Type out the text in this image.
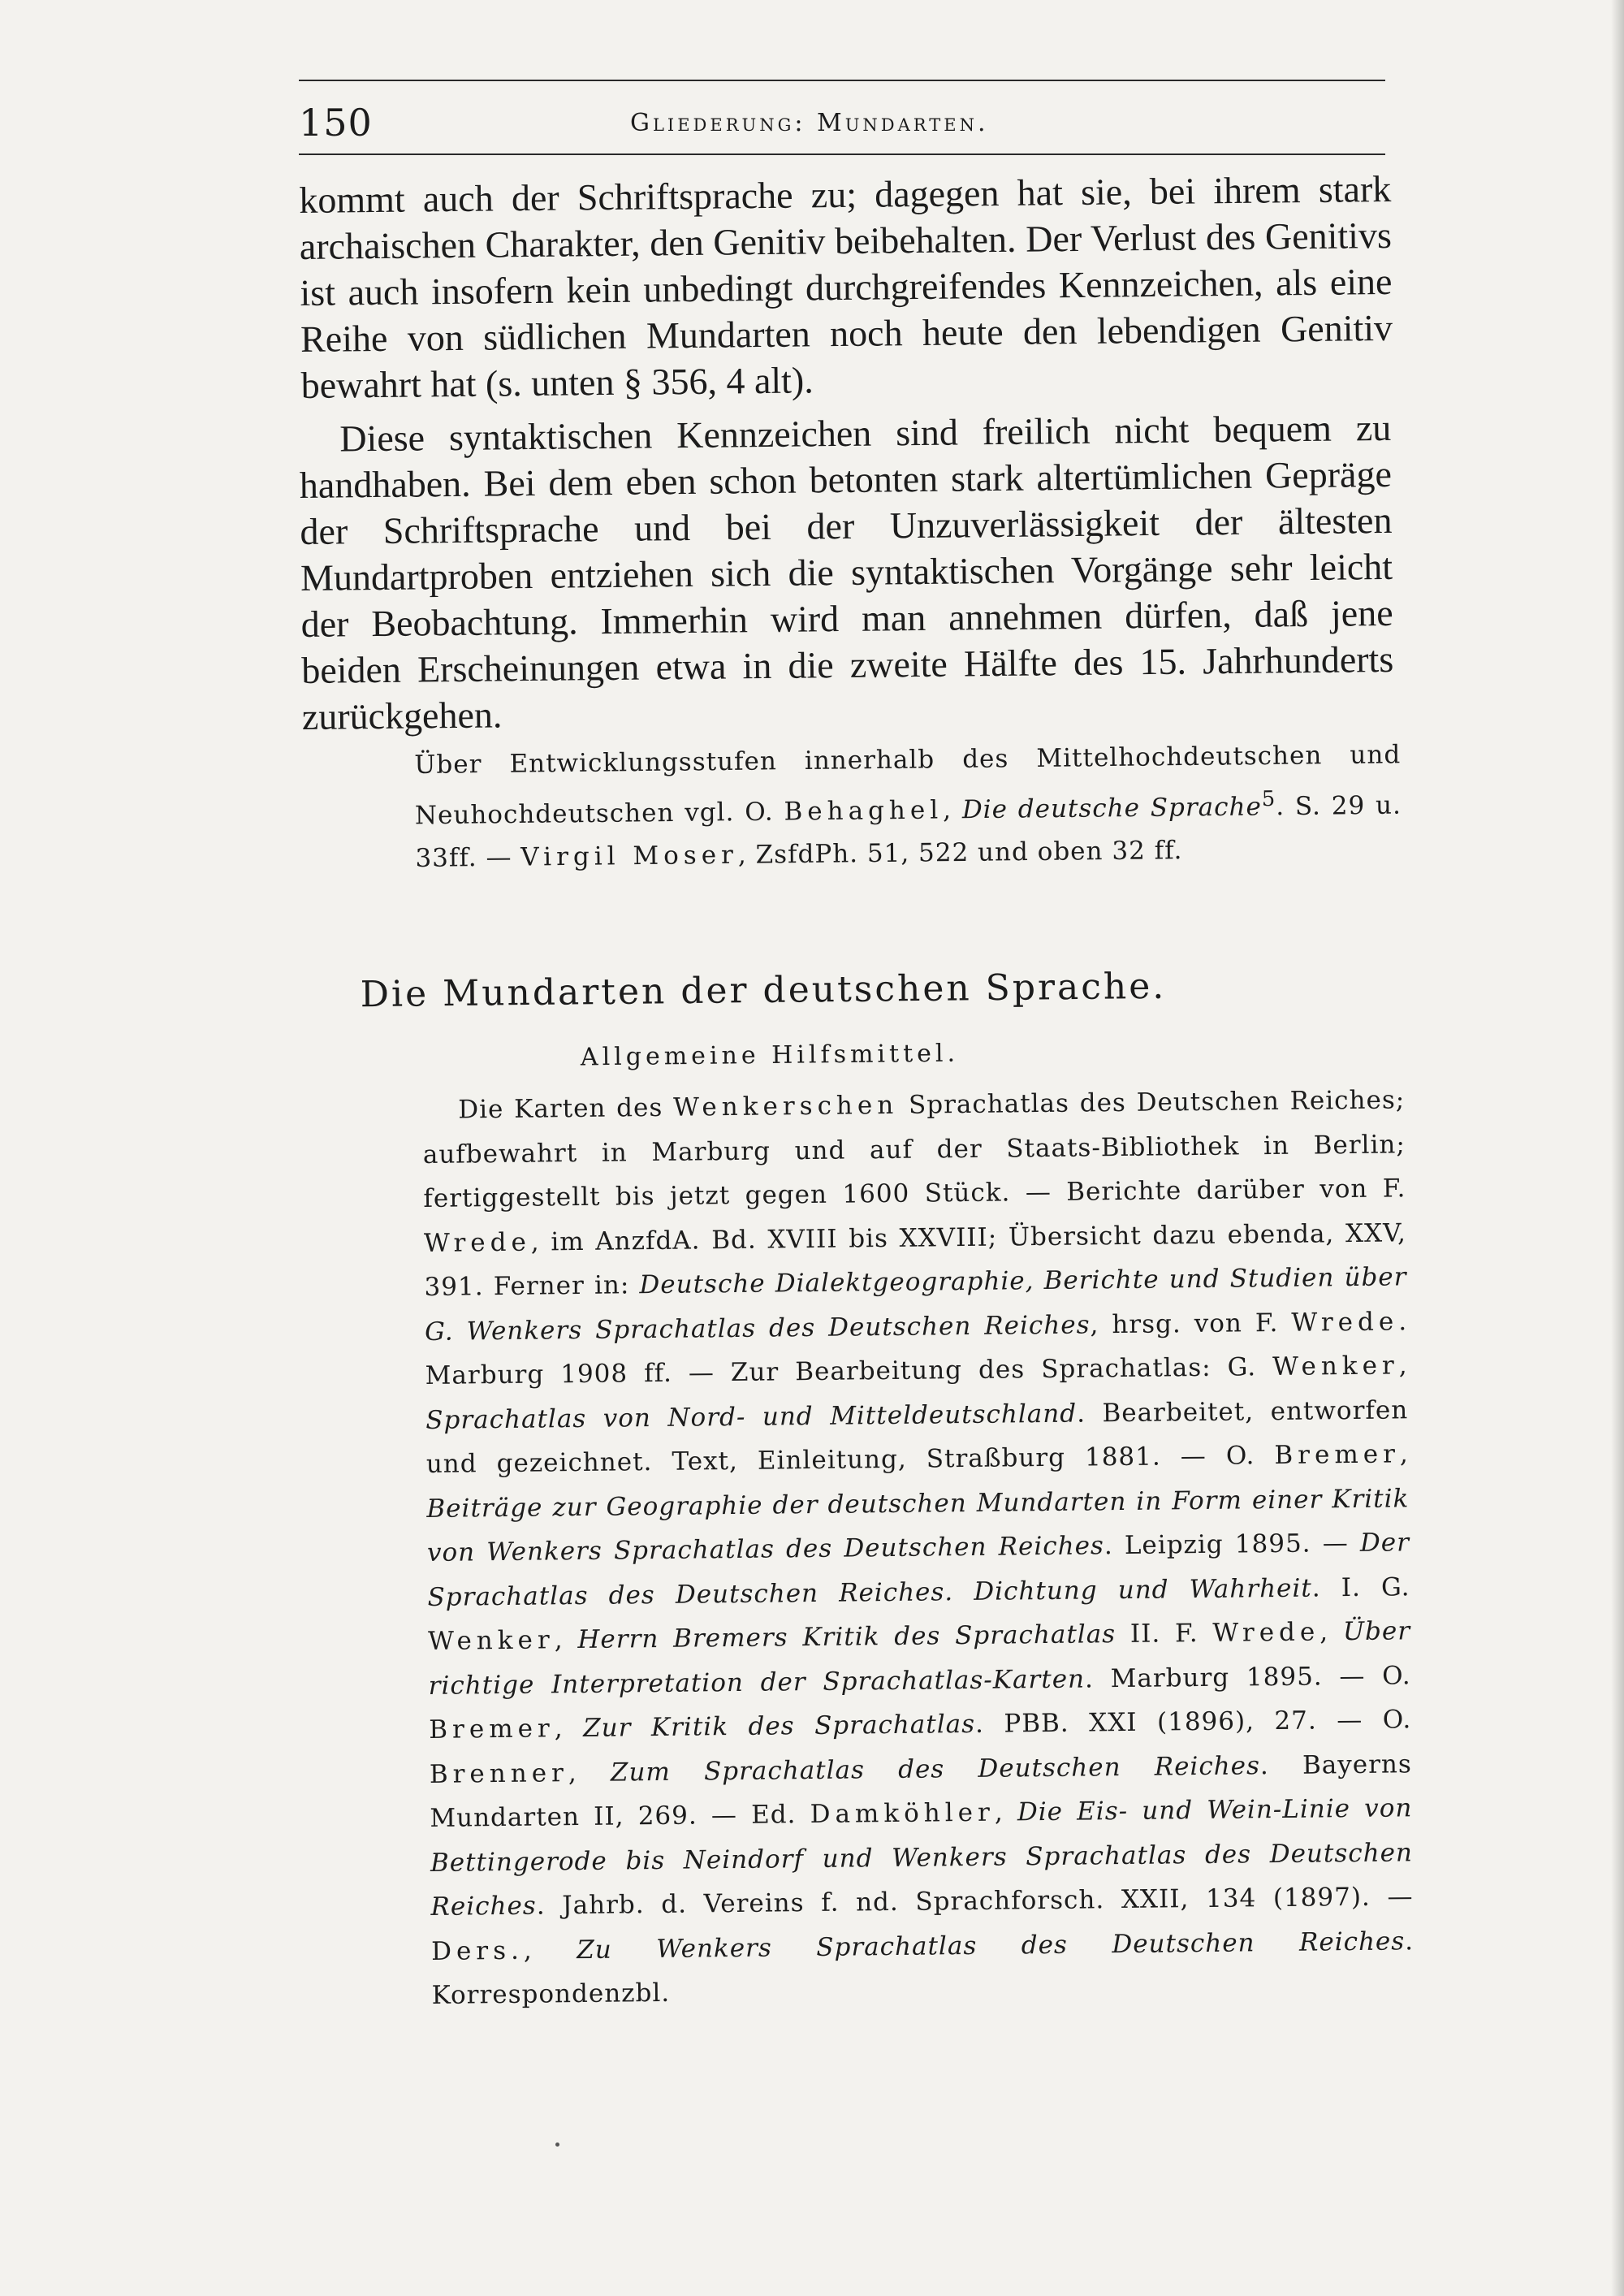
150	Gliederung: Mundarten.

kommt auch der Schriftsprache zu; dagegen hat sie, bei ihrem stark archaischen Charakter, den Genitiv beibehalten. Der Verlust des Genitivs ist auch insofern kein unbedingt durchgreifendes Kennzeichen, als eine Reihe von südlichen Mundarten noch heute den lebendigen Genitiv bewahrt hat (s. unten § 356, 4 alt).

Diese syntaktischen Kennzeichen sind freilich nicht bequem zu handhaben. Bei dem eben schon betonten stark altertümlichen Gepräge der Schriftsprache und bei der Unzuverlässigkeit der ältesten Mundartproben entziehen sich die syntaktischen Vorgänge sehr leicht der Beobachtung. Immerhin wird man annehmen dürfen, daß jene beiden Erscheinungen etwa in die zweite Hälfte des 15. Jahrhunderts zurückgehen.

Über Entwicklungsstufen innerhalb des Mittelhochdeutschen und Neuhochdeutschen vgl. O. Behaghel, Die deutsche Sprache$^5$. S. 29 u. 33ff. — Virgil Moser, ZsfdPh. 51, 522 und oben 32 ff.
Die Mundarten der deutschen Sprache.
Allgemeine Hilfsmittel.

Die Karten des Wenkerschen Sprachatlas des Deutschen Reiches; aufbewahrt in Marburg und auf der Staats-Bibliothek in Berlin; fertiggestellt bis jetzt gegen 1600 Stück. — Berichte darüber von F. Wrede, im AnzfdA. Bd. XVIII bis XXVIII; Übersicht dazu ebenda, XXV, 391. Ferner in: Deutsche Dialektgeographie, Berichte und Studien über G. Wenkers Sprachatlas des Deutschen Reiches, hrsg. von F. Wrede. Marburg 1908 ff. — Zur Bearbeitung des Sprachatlas: G. Wenker, Sprachatlas von Nord- und Mitteldeutschland. Bearbeitet, entworfen und gezeichnet. Text, Einleitung, Straßburg 1881. — O. Bremer, Beiträge zur Geographie der deutschen Mundarten in Form einer Kritik von Wenkers Sprachatlas des Deutschen Reiches. Leipzig 1895. — Der Sprachatlas des Deutschen Reiches. Dichtung und Wahrheit. I. G. Wenker, Herrn Bremers Kritik des Sprachatlas II. F. Wrede, Über richtige Interpretation der Sprachatlas-Karten. Marburg 1895. — O. Bremer, Zur Kritik des Sprachatlas. PBB. XXI (1896), 27. — O. Brenner, Zum Sprachatlas des Deutschen Reiches. Bayerns Mundarten II, 269. — Ed. Damköhler, Die Eis- und Wein-Linie von Bettingerode bis Neindorf und Wenkers Sprachatlas des Deutschen Reiches. Jahrb. d. Vereins f. nd. Sprachforsch. XXII, 134 (1897). — Ders., Zu Wenkers Sprachatlas des Deutschen Reiches. Korrespondenzbl.
